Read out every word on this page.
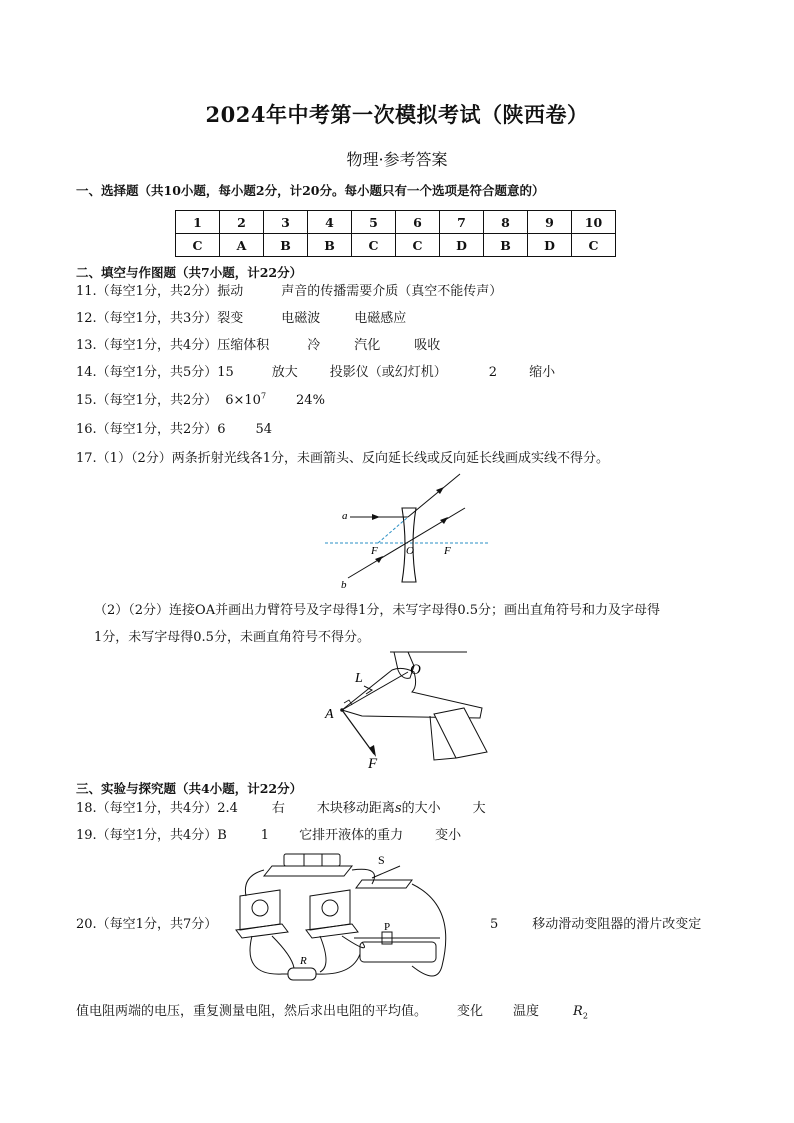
2024年中考第一次模拟考试（陕西卷）
物理·参考答案
一、选择题（共10小题，每小题2分，计20分。每小题只有一个选项是符合题意的）
1	2	3	4	5	6	7	8	9	10
C	A	B	B	C	C	D	B	D	C
二、填空与作图题（共7小题，计22分）
11.（每空1分，共2分）振动	声音的传播需要介质（真空不能传声）
12.（每空1分，共3分）裂变	电磁波	电磁感应
13.（每空1分，共4分）压缩体积	冷	汽化	吸收
14.（每空1分，共5分）15	放大 投影仪（或幻灯机）	2 缩小
15.（每空1分，共2分） $6\times 10^7$ 24%
16.（每空1分，共2分）6 54
17.（1）（2分）两条折射光线各1分，未画箭头、反向延长线或反向延长线画成实线不得分。
a
b
F	O	F
（2）（2分）连接OA并画出力臂符号及字母得1分，未写字母得0.5分；画出直角符号和力及字母得
1分，未写字母得0.5分，未画直角符号不得分。
O
L
A
F
三、实验与探究题（共4小题，计22分）
18.（每空1分，共4分）2.4	右 木块移动距离s的大小 大
19.（每空1分，共4分）B	1 它排开液体的重力 变小
S
P
R
20.（每空1分，共7分）	5	移动滑动变阻器的滑片改变定
值电阻两端的电压，重复测量电阻，然后求出电阻的平均值。 变化 温度	$R_2$
